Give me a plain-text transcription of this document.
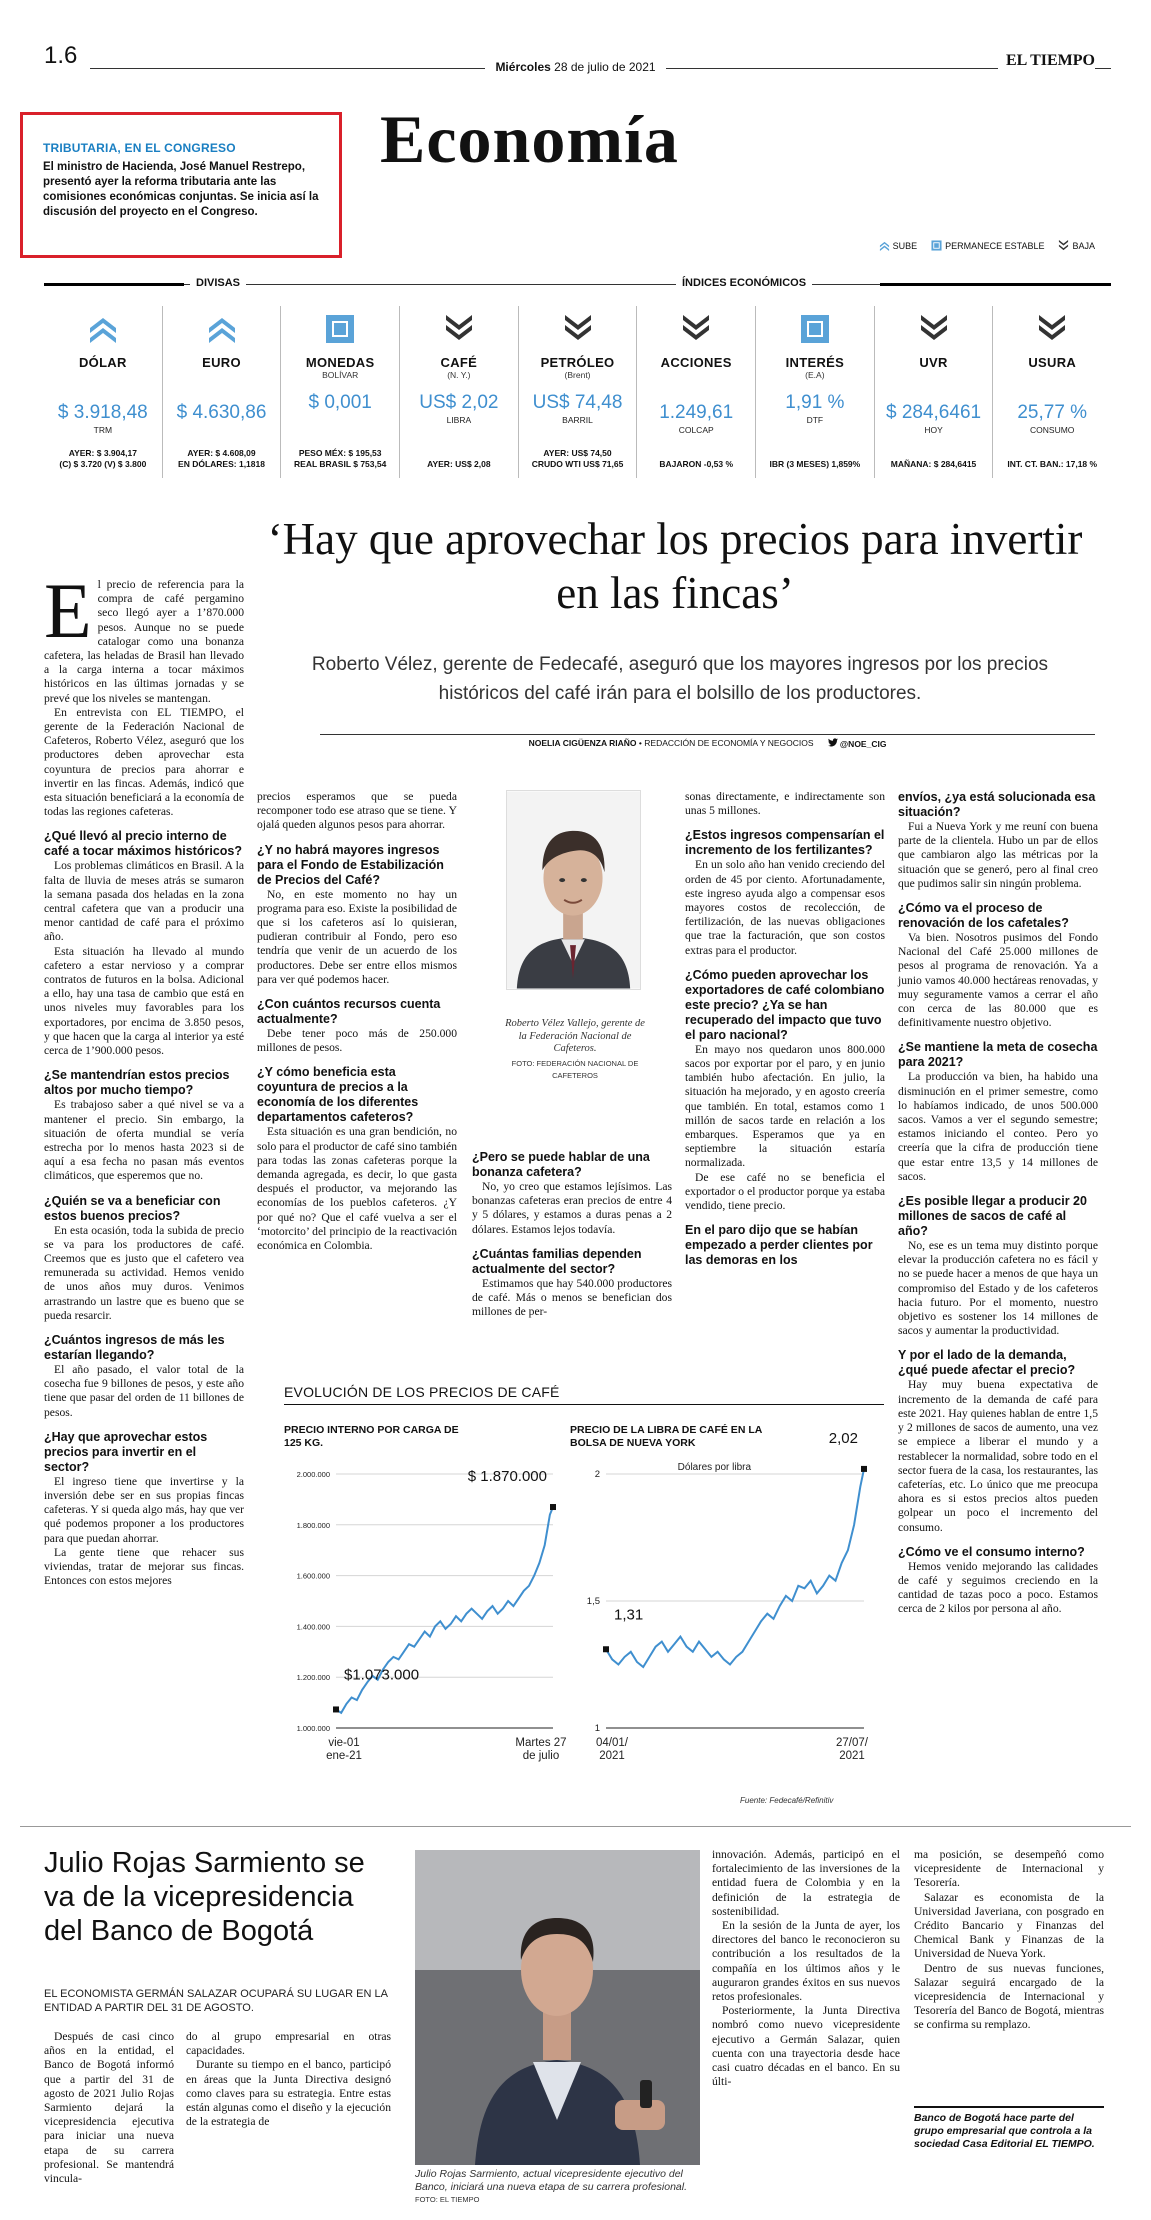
1.6	Miércoles 28 de julio de 2021	EL TIEMPO
TRIBUTARIA, EN EL CONGRESO
El ministro de Hacienda, José Manuel Restrepo, presentó ayer la reforma tributaria ante las comisiones económicas conjuntas. Se inicia así la discusión del proyecto en el Congreso.
Economía
SUBE	PERMANECE ESTABLE	BAJA
DIVISAS	ÍNDICES ECONÓMICOS
DÓLAR
$ 3.918,48
TRM
AYER: $ 3.904,17
(C) $ 3.720 (V) $ 3.800
EURO
$ 4.630,86
AYER: $ 4.608,09
EN DÓLARES: 1,1818
MONEDAS
BOLÍVAR
$ 0,001
PESO MÉX: $ 195,53
REAL BRASIL $ 753,54
CAFÉ
(N. Y.)
US$ 2,02
LIBRA
AYER: US$ 2,08
PETRÓLEO
(Brent)
US$ 74,48
BARRIL
AYER: US$ 74,50
CRUDO WTI US$ 71,65
ACCIONES
1.249,61
COLCAP
BAJARON -0,53 %
INTERÉS
(E.A)
1,91 %
DTF
IBR (3 MESES) 1,859%
UVR
$ 284,6461
HOY
MAÑANA: $ 284,6415
USURA
25,77 %
CONSUMO
INT. CT. BAN.: 17,18 %
‘Hay que aprovechar los precios para invertir en las fincas’
Roberto Vélez, gerente de Fedecafé, aseguró que los mayores ingresos por los precios históricos del café irán para el bolsillo de los productores.
NOELIA CIGÜENZA RIAÑO • REDACCIÓN DE ECONOMÍA Y NEGOCIOS	@NOE_CIG
E l precio de referencia para la compra de café pergamino seco llegó ayer a 1’870.000 pesos. Aunque no se puede catalogar como una bonanza cafetera, las heladas de Brasil han llevado a la carga interna a tocar máximos históricos en las últimas jornadas y se prevé que los niveles se mantengan.

En entrevista con EL TIEMPO, el gerente de la Federación Nacional de Cafeteros, Roberto Vélez, aseguró que los productores deben aprovechar esta coyuntura de precios para ahorrar e invertir en las fincas. Además, indicó que esta situación beneficiará a la economía de todas las regiones cafeteras.

¿Qué llevó al precio interno de café a tocar máximos históricos?

Los problemas climáticos en Brasil. A la falta de lluvia de meses atrás se sumaron la semana pasada dos heladas en la zona central cafetera que van a producir una menor cantidad de café para el próximo año.

Esta situación ha llevado al mundo cafetero a estar nervioso y a comprar contratos de futuros en la bolsa. Adicional a ello, hay una tasa de cambio que está en unos niveles muy favorables para los exportadores, por encima de 3.850 pesos, y que hacen que la carga al interior ya esté cerca de 1’900.000 pesos.

¿Se mantendrían estos precios altos por mucho tiempo?

Es trabajoso saber a qué nivel se va a mantener el precio. Sin embargo, la situación de oferta mundial se vería estrecha por lo menos hasta 2023 si de aquí a esa fecha no pasan más eventos climáticos, que esperemos que no.

¿Quién se va a beneficiar con estos buenos precios?

En esta ocasión, toda la subida de precio se va para los productores de café. Creemos que es justo que el cafetero vea remunerada su actividad. Hemos venido de unos años muy duros. Venimos arrastrando un lastre que es bueno que se pueda resarcir.

¿Cuántos ingresos de más les estarían llegando?

El año pasado, el valor total de la cosecha fue 9 billones de pesos, y este año tiene que pasar del orden de 11 billones de pesos.

¿Hay que aprovechar estos precios para invertir en el sector?

El ingreso tiene que invertirse y la inversión debe ser en sus propias fincas cafeteras. Y si queda algo más, hay que ver qué podemos proponer a los productores para que puedan ahorrar.

La gente tiene que rehacer sus viviendas, tratar de mejorar sus fincas. Entonces con estos mejores

precios esperamos que se pueda recomponer todo ese atraso que se tiene. Y ojalá queden algunos pesos para ahorrar.

¿Y no habrá mayores ingresos para el Fondo de Estabilización de Precios del Café?

No, en este momento no hay un programa para eso. Existe la posibilidad de que si los cafeteros así lo quisieran, pudieran contribuir al Fondo, pero eso tendría que venir de un acuerdo de los productores. Debe ser entre ellos mismos para ver qué podemos hacer.

¿Con cuántos recursos cuenta actualmente?

Debe tener poco más de 250.000 millones de pesos.

¿Y cómo beneficia esta coyuntura de precios a la economía de los diferentes departamentos cafeteros?

Esta situación es una gran bendición, no solo para el productor de café sino también para todas las zonas cafeteras porque la demanda agregada, es decir, lo que gasta después el productor, va mejorando las economías de los pueblos cafeteros. ¿Y por qué no? Que el café vuelva a ser el ‘motorcito’ del principio de la reactivación económica en Colombia.

Roberto Vélez Vallejo, gerente de la Federación Nacional de Cafeteros.
FOTO: FEDERACIÓN NACIONAL DE CAFETEROS

¿Pero se puede hablar de una bonanza cafetera?

No, yo creo que estamos lejísimos. Las bonanzas cafeteras eran precios de entre 4 y 5 dólares, y estamos a duras penas a 2 dólares. Estamos lejos todavía.

¿Cuántas familias dependen actualmente del sector?

Estimamos que hay 540.000 productores de café. Más o menos se benefician dos millones de per-

sonas directamente, e indirectamente son unas 5 millones.

¿Estos ingresos compensarían el incremento de los fertilizantes?

En un solo año han venido creciendo del orden de 45 por ciento. Afortunadamente, este ingreso ayuda algo a compensar esos mayores costos de recolección, de fertilización, de las nuevas obligaciones que trae la facturación, que son costos extras para el productor.

¿Cómo pueden aprovechar los exportadores de café colombiano este precio? ¿Ya se han recuperado del impacto que tuvo el paro nacional?

En mayo nos quedaron unos 800.000 sacos por exportar por el paro, y en junio también hubo afectación. En julio, la situación ha mejorado, y en agosto creería que también. En total, estamos como 1 millón de sacos tarde en relación a los embarques. Esperamos que ya en septiembre la situación estaría normalizada.

De ese café no se beneficia el exportador o el productor porque ya estaba vendido, tiene precio.

En el paro dijo que se habían empezado a perder clientes por las demoras en los

envíos, ¿ya está solucionada esa situación?

Fui a Nueva York y me reuní con buena parte de la clientela. Hubo un par de ellos que cambiaron algo las métricas por la situación que se generó, pero al final creo que pudimos salir sin ningún problema.

¿Cómo va el proceso de renovación de los cafetales?

Va bien. Nosotros pusimos del Fondo Nacional del Café 25.000 millones de pesos al programa de renovación. Ya a junio vamos 40.000 hectáreas renovadas, y muy seguramente vamos a cerrar el año con cerca de las 80.000 que es definitivamente nuestro objetivo.

¿Se mantiene la meta de cosecha para 2021?

La producción va bien, ha habido una disminución en el primer semestre, como lo habíamos indicado, de unos 500.000 sacos. Vamos a ver el segundo semestre; estamos iniciando el conteo. Pero yo creería que la cifra de producción tiene que estar entre 13,5 y 14 millones de sacos.

¿Es posible llegar a producir 20 millones de sacos de café al año?

No, ese es un tema muy distinto porque elevar la producción cafetera no es fácil y no se puede hacer a menos de que haya un compromiso del Estado y de los cafeteros hacia futuro. Por el momento, nuestro objetivo es sostener los 14 millones de sacos y aumentar la productividad.

Y por el lado de la demanda, ¿qué puede afectar el precio?

Hay muy buena expectativa de incremento de la demanda de café para este 2021. Hay quienes hablan de entre 1,5 y 2 millones de sacos de aumento, una vez se empiece a liberar el mundo y a restablecer la normalidad, sobre todo en el sector fuera de la casa, los restaurantes, las cafeterías, etc. Lo único que me preocupa ahora es si estos precios altos pueden golpear un poco el incremento del consumo.

¿Cómo ve el consumo interno?

Hemos venido mejorando las calidades de café y seguimos creciendo en la cantidad de tazas poco a poco. Estamos cerca de 2 kilos por persona al año.

EVOLUCIÓN DE LOS PRECIOS DE CAFÉ
PRECIO INTERNO POR CARGA DE 125 KG.
2.000.000
1.800.000
1.600.000
1.400.000
1.200.000
1.000.000
$1.073.000
$ 1.870.000
vie-01
ene-21
Martes 27
de julio
PRECIO DE LA LIBRA DE CAFÉ EN LA BOLSA DE NUEVA YORK
2
1,5
1
Dólares por libra
1,31
2,02
04/01/
2021
27/07/
2021
Fuente: Fedecafé/Refinitiv
Julio Rojas Sarmiento se va de la vicepresidencia del Banco de Bogotá
EL ECONOMISTA GERMÁN SALAZAR OCUPARÁ SU LUGAR EN LA ENTIDAD A PARTIR DEL 31 DE AGOSTO.
Julio Rojas Sarmiento, actual vicepresidente ejecutivo del Banco, iniciará una nueva etapa de su carrera profesional. FOTO: EL TIEMPO

Después de casi cinco años en la entidad, el Banco de Bogotá informó que a partir del 31 de agosto de 2021 Julio Rojas Sarmiento dejará la vicepresidencia ejecutiva para iniciar una nueva etapa de su carrera profesional. Se mantendrá vincula-

do al grupo empresarial en otras capacidades.

Durante su tiempo en el banco, participó en áreas que la Junta Directiva designó como claves para su estrategia. Entre estas están algunas como el diseño y la ejecución de la estrategia de

innovación. Además, participó en el fortalecimiento de las inversiones de la entidad fuera de Colombia y en la definición de la estrategia de sostenibilidad.

En la sesión de la Junta de ayer, los directores del banco le reconocieron su contribución a los resultados de la compañía en los últimos años y le auguraron grandes éxitos en sus nuevos retos profesionales.

Posteriormente, la Junta Directiva nombró como nuevo vicepresidente ejecutivo a Germán Salazar, quien cuenta con una trayectoria desde hace casi cuatro décadas en el banco. En su últi-

ma posición, se desempeñó como vicepresidente de Internacional y Tesorería.

Salazar es economista de la Universidad Javeriana, con posgrado en Crédito Bancario y Finanzas del Chemical Bank y Finanzas de la Universidad de Nueva York.

Dentro de sus nuevas funciones, Salazar seguirá encargado de la vicepresidencia de Internacional y Tesorería del Banco de Bogotá, mientras se confirma su remplazo.

Banco de Bogotá hace parte del grupo empresarial que controla a la sociedad Casa Editorial EL TIEMPO.
